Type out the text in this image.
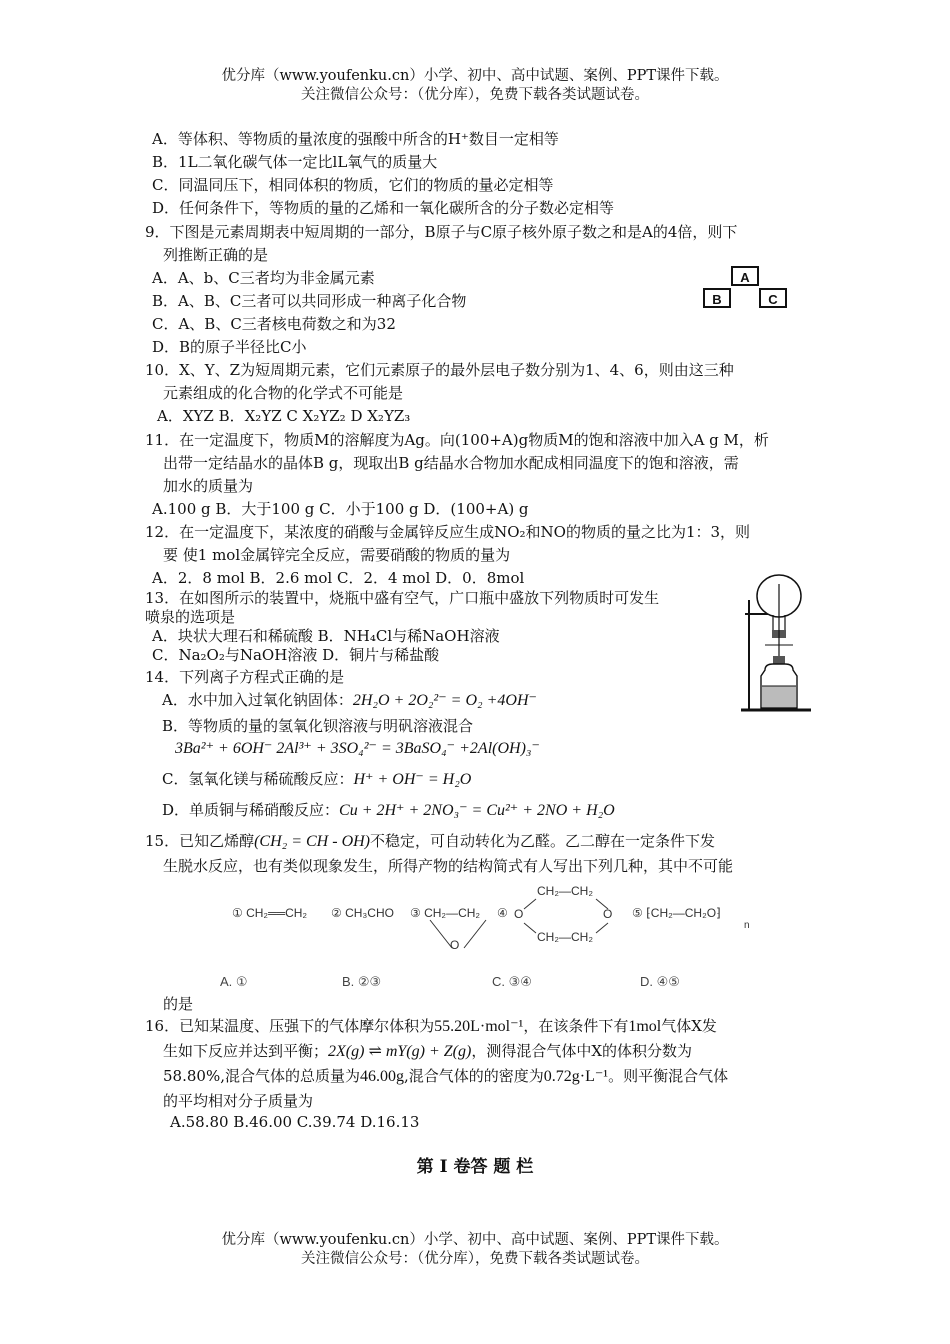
优分库（www.youfenku.cn）小学、初中、高中试题、案例、PPT课件下载。
关注微信公众号：（优分库），免费下载各类试题试卷。
A．等体积、等物质的量浓度的强酸中所含的H⁺数目一定相等
B．1L二氧化碳气体一定比lL氧气的质量大
C．同温同压下，相同体积的物质，它们的物质的量必定相等
D．任何条件下，等物质的量的乙烯和一氧化碳所含的分子数必定相等
9．下图是元素周期表中短周期的一部分，B原子与C原子核外原子数之和是A的4倍，则下
列推断正确的是
A．A、b、C三者均为非金属元素
B．A、B、C三者可以共同形成一种离子化合物
C．A、B、C三者核电荷数之和为32
D．B的原子半径比C小
A
B	C
10．X、Y、Z为短周期元素，它们元素原子的最外层电子数分别为1、4、6，则由这三种
元素组成的化合物的化学式不可能是
A．XYZ B．X₂YZ C X₂YZ₂ D X₂YZ₃
11．在一定温度下，物质M的溶解度为Ag。向(100+A)g物质M的饱和溶液中加入A g M，析
出带一定结晶水的晶体B g，现取出B g结晶水合物加水配成相同温度下的饱和溶液，需
加水的质量为
A.100 g B．大于100 g C．小于100 g D．(100+A) g
12．在一定温度下，某浓度的硝酸与金属锌反应生成NO₂和NO的物质的量之比为1：3，则
要 使1 mol金属锌完全反应，需要硝酸的物质的量为
A．2．8 mol B．2.6 mol C．2．4 mol D．0．8mol
13．在如图所示的装置中，烧瓶中盛有空气，广口瓶中盛放下列物质时可发生
喷泉的选项是
A．块状大理石和稀硫酸 B．NH₄Cl与稀NaOH溶液
C．Na₂O₂与NaOH溶液 D．铜片与稀盐酸
14．下列离子方程式正确的是
A．水中加入过氧化钠固体：2H₂O + 2O₂²⁻ = O₂ +4OH⁻
B．等物质的量的氢氧化钡溶液与明矾溶液混合
3Ba²⁺ + 6OH⁻ 2Al³⁺ + 3SO₄²⁻ = 3BaSO₄⁻ +2Al(OH)₃⁻
C．氢氧化镁与稀硫酸反应：H⁺ + OH⁻ = H₂O
D．单质铜与稀硝酸反应：Cu + 2H⁺ + 2NO₃⁻ = Cu²⁺ + 2NO + H₂O
15．已知乙烯醇(CH₂ = CH - OH)不稳定，可自动转化为乙醛。乙二醇在一定条件下发
生脱水反应，也有类似现象发生，所得产物的结构简式有人写出下列几种，其中不可能
① CH₂══CH₂ ② CH₃CHO ③ CH₂—CH₂
O
④
CH₂—CH₂
CH₂—CH₂
O	O ⑤ ⁅CH₂—CH₂O⁆
n
A. ①	B. ②③	C. ③④	D. ④⑤
的是
16．已知某温度、压强下的气体摩尔体积为55.20L·mol⁻¹，在该条件下有1mol气体X发
生如下反应并达到平衡；2X(g) ⇌ mY(g) + Z(g)，测得混合气体中X的体积分数为
58.80%,混合气体的总质量为46.00g,混合气体的的密度为0.72g·L⁻¹。则平衡混合气体
的平均相对分子质量为
A.58.80 B.46.00 C.39.74 D.16.13
第 I 卷答 题 栏
优分库（www.youfenku.cn）小学、初中、高中试题、案例、PPT课件下载。
关注微信公众号：（优分库），免费下载各类试题试卷。
